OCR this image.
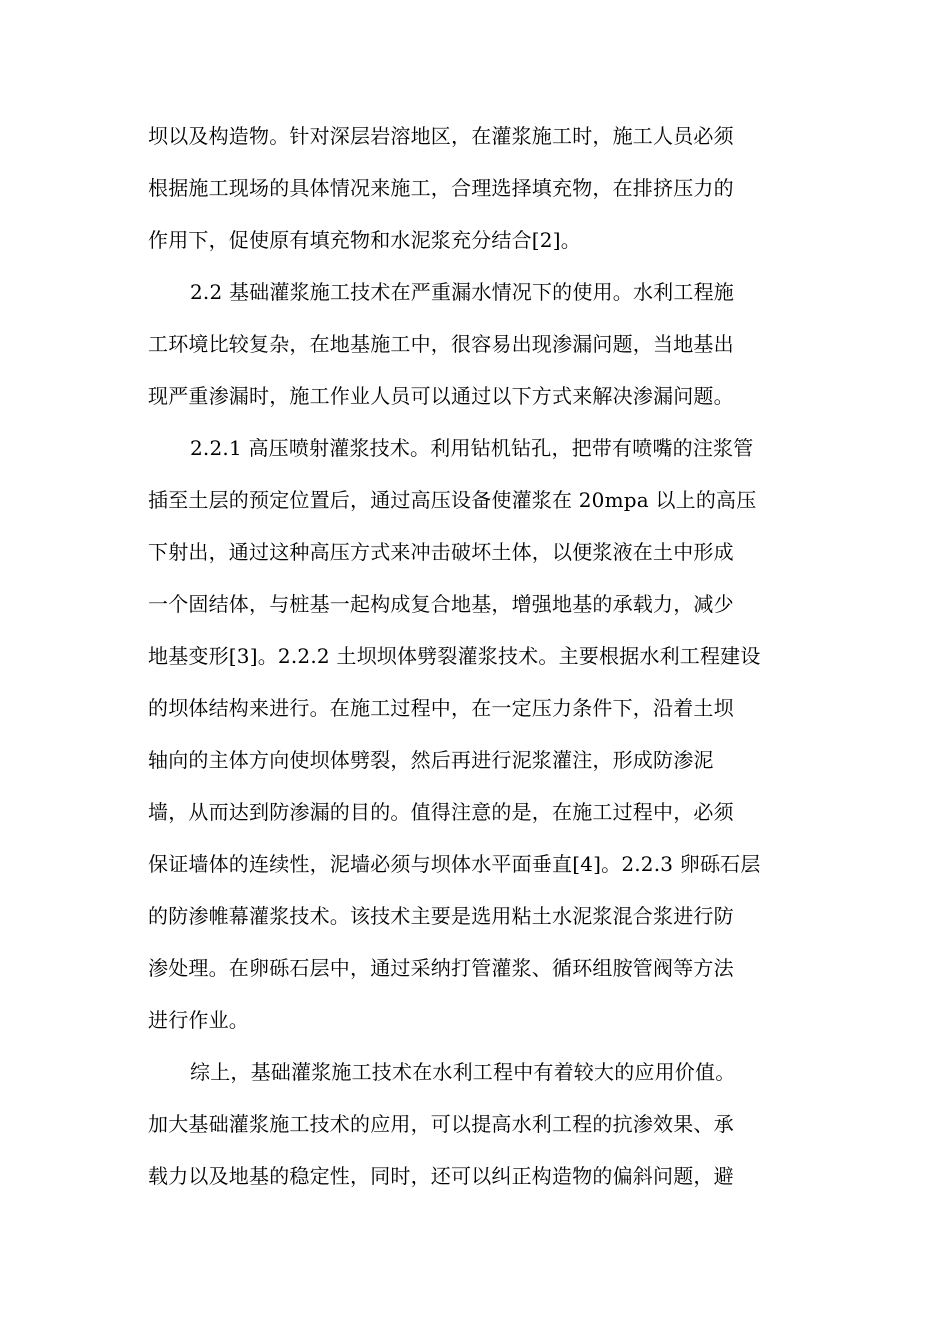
坝以及构造物。针对深层岩溶地区，在灌浆施工时，施工人员必须
根据施工现场的具体情况来施工，合理选择填充物，在排挤压力的
作用下，促使原有填充物和水泥浆充分结合[2]。
2.2 基础灌浆施工技术在严重漏水情况下的使用。水利工程施
工环境比较复杂，在地基施工中，很容易出现渗漏问题，当地基出
现严重渗漏时，施工作业人员可以通过以下方式来解决渗漏问题。
2.2.1 高压喷射灌浆技术。利用钻机钻孔，把带有喷嘴的注浆管
插至土层的预定位置后，通过高压设备使灌浆在 20mpa 以上的高压
下射出，通过这种高压方式来冲击破坏土体，以便浆液在土中形成
一个固结体，与桩基一起构成复合地基，增强地基的承载力，减少
地基变形[3]。2.2.2 土坝坝体劈裂灌浆技术。主要根据水利工程建设
的坝体结构来进行。在施工过程中，在一定压力条件下，沿着土坝
轴向的主体方向使坝体劈裂，然后再进行泥浆灌注，形成防渗泥
墙，从而达到防渗漏的目的。值得注意的是，在施工过程中，必须
保证墙体的连续性，泥墙必须与坝体水平面垂直[4]。2.2.3 卵砾石层
的防渗帷幕灌浆技术。该技术主要是选用粘土水泥浆混合浆进行防
渗处理。在卵砾石层中，通过采纳打管灌浆、循环组胺管阀等方法
进行作业。
综上，基础灌浆施工技术在水利工程中有着较大的应用价值。
加大基础灌浆施工技术的应用，可以提高水利工程的抗渗效果、承
载力以及地基的稳定性，同时，还可以纠正构造物的偏斜问题，避
